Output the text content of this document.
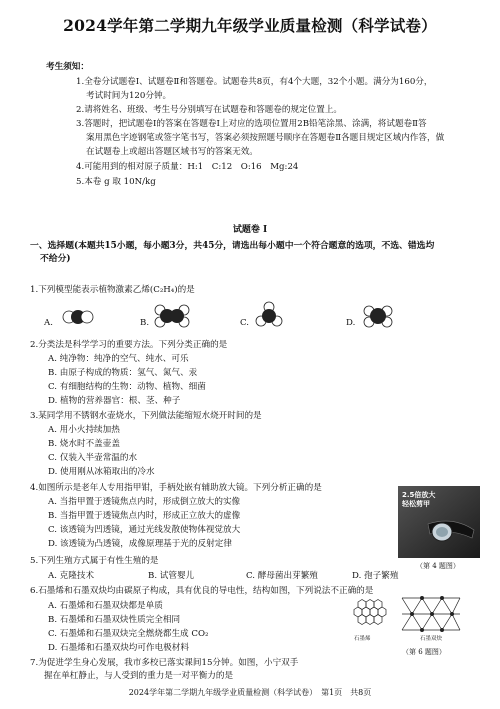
2024学年第二学期九年级学业质量检测（科学试卷）
考生须知：
1.全卷分试题卷Ⅰ、试题卷Ⅱ和答题卷。试题卷共8页，有4个大题，32个小题。满分为160分，
考试时间为120分钟。
2.请将姓名、班级、考生号分别填写在试题卷和答题卷的规定位置上。
3.答题时，把试题卷Ⅰ的答案在答题卷Ⅰ上对应的选项位置用2B铅笔涂黑、涂满，将试题卷Ⅱ答
案用黑色字迹钢笔或签字笔书写，答案必须按照题号顺序在答题卷Ⅱ各题目规定区域内作答，做
在试题卷上或超出答题区域书写的答案无效。
4.可能用到的相对原子质量：H:1　C:12　O:16　Mg:24
5.本卷 g 取 10N/kg
试题卷 Ⅰ
一、选择题(本题共15小题，每小题3分，共45分，请选出每小题中一个符合题意的选项，不选、错选均
不给分)
1.下列模型能表示植物激素乙烯(C₂H₄)的是
A.	B.	C.	D.
2.分类法是科学学习的重要方法。下列分类正确的是
A. 纯净物：纯净的空气、纯水、可乐
B. 由原子构成的物质：氢气、氮气、汞
C. 有细胞结构的生物：动物、植物、细菌
D. 植物的营养器官：根、茎、种子
3.某同学用不锈钢水壶烧水，下列做法能缩短水烧开时间的是
A. 用小火持续加热
B. 烧水时不盖壶盖
C. 仅装入半壶常温的水
D. 使用刚从冰箱取出的冷水
4.如图所示是老年人专用指甲钳，手柄处嵌有辅助放大镜。下列分析正确的是
A. 当指甲置于透镜焦点内时，形成倒立放大的实像
B. 当指甲置于透镜焦点内时，形成正立放大的虚像
C. 该透镜为凹透镜，通过光线发散使物体视觉放大
D. 该透镜为凸透镜，成像原理基于光的反射定律
2.5倍放大
轻松剪甲
（第 4 题图）
5.下列生殖方式属于有性生殖的是
A. 克隆技术	B. 试管婴儿	C. 酵母菌出芽繁殖	D. 孢子繁殖
6.石墨烯和石墨双炔均由碳原子构成，具有优良的导电性，结构如图，下列说法不正确的是
A. 石墨烯和石墨双炔都是单质
B. 石墨烯和石墨双炔性质完全相同
C. 石墨烯和石墨双炔完全燃烧都生成 CO₂
D. 石墨烯和石墨双炔均可作电极材料
石墨烯	石墨双炔
（第 6 题图）
7.为促进学生身心发展，我市多校已落实课间15分钟。如图，小宁双手
握在单杠静止，与人受到的重力是一对平衡力的是
2024学年第二学期九年级学业质量检测（科学试卷）　第1页　共8页
